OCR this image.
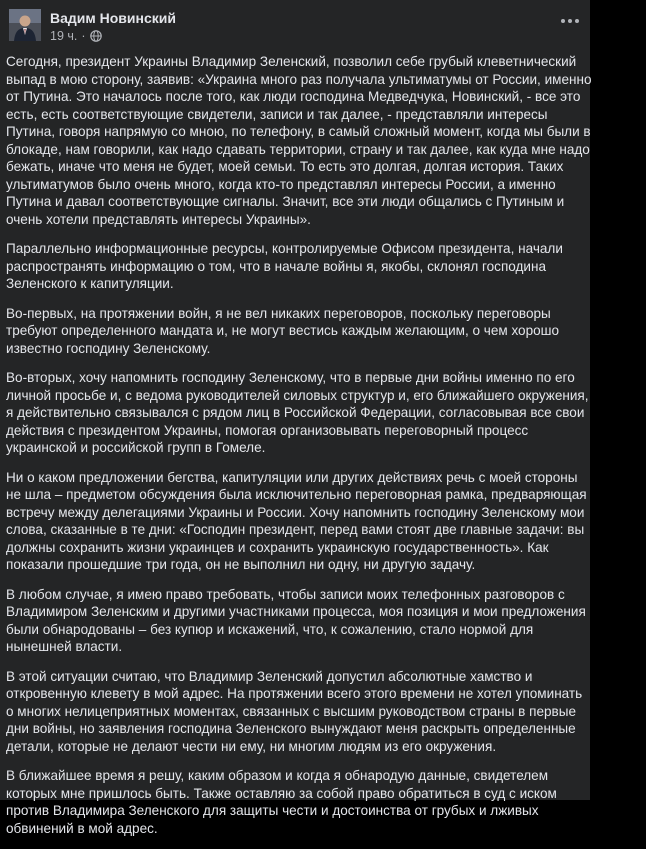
Вадим Новинский
19 ч. ·

Сегодня, президент Украины Владимир Зеленский, позволил себе грубый клеветнический
выпад в мою сторону, заявив: «Украина много раз получала ультиматумы от России, именно
от Путина. Это началось после того, как люди господина Медведчука, Новинский, - все это
есть, есть соответствующие свидетели, записи и так далее, - представляли интересы
Путина, говоря напрямую со мною, по телефону, в самый сложный момент, когда мы были в
блокаде, нам говорили, как надо сдавать территории, страну и так далее, как куда мне надо
бежать, иначе что меня не будет, моей семьи. То есть это долгая, долгая история. Таких
ультиматумов было очень много, когда кто-то представлял интересы России, а именно
Путина и давал соответствующие сигналы. Значит, все эти люди общались с Путиным и
очень хотели представлять интересы Украины».

Параллельно информационные ресурсы, контролируемые Офисом президента, начали
распространять информацию о том, что в начале войны я, якобы, склонял господина
Зеленского к капитуляции.

Во-первых, на протяжении войн, я не вел никаких переговоров, поскольку переговоры
требуют определенного мандата и, не могут вестись каждым желающим, о чем хорошо
известно господину Зеленскому.

Во-вторых, хочу напомнить господину Зеленскому, что в первые дни войны именно по его
личной просьбе и, с ведома руководителей силовых структур и, его ближайшего окружения,
я действительно связывался с рядом лиц в Российской Федерации, согласовывая все свои
действия с президентом Украины, помогая организовывать переговорный процесс
украинской и российской групп в Гомеле.

Ни о каком предложении бегства, капитуляции или других действиях речь с моей стороны
не шла – предметом обсуждения была исключительно переговорная рамка, предваряющая
встречу между делегациями Украины и России. Хочу напомнить господину Зеленскому мои
слова, сказанные в те дни: «Господин президент, перед вами стоят две главные задачи: вы
должны сохранить жизни украинцев и сохранить украинскую государственность». Как
показали прошедшие три года, он не выполнил ни одну, ни другую задачу.

В любом случае, я имею право требовать, чтобы записи моих телефонных разговоров с
Владимиром Зеленским и другими участниками процесса, моя позиция и мои предложения
были обнародованы – без купюр и искажений, что, к сожалению, стало нормой для
нынешней власти.

В этой ситуации считаю, что Владимир Зеленский допустил абсолютные хамство и
откровенную клевету в мой адрес. На протяжении всего этого времени не хотел упоминать
о многих нелицеприятных моментах, связанных с высшим руководством страны в первые
дни войны, но заявления господина Зеленского вынуждают меня раскрыть определенные
детали, которые не делают чести ни ему, ни многим людям из его окружения.

В ближайшее время я решу, каким образом и когда я обнародую данные, свидетелем
которых мне пришлось быть. Также оставляю за собой право обратиться в суд с иском
против Владимира Зеленского для защиты чести и достоинства от грубых и лживых
обвинений в мой адрес.
